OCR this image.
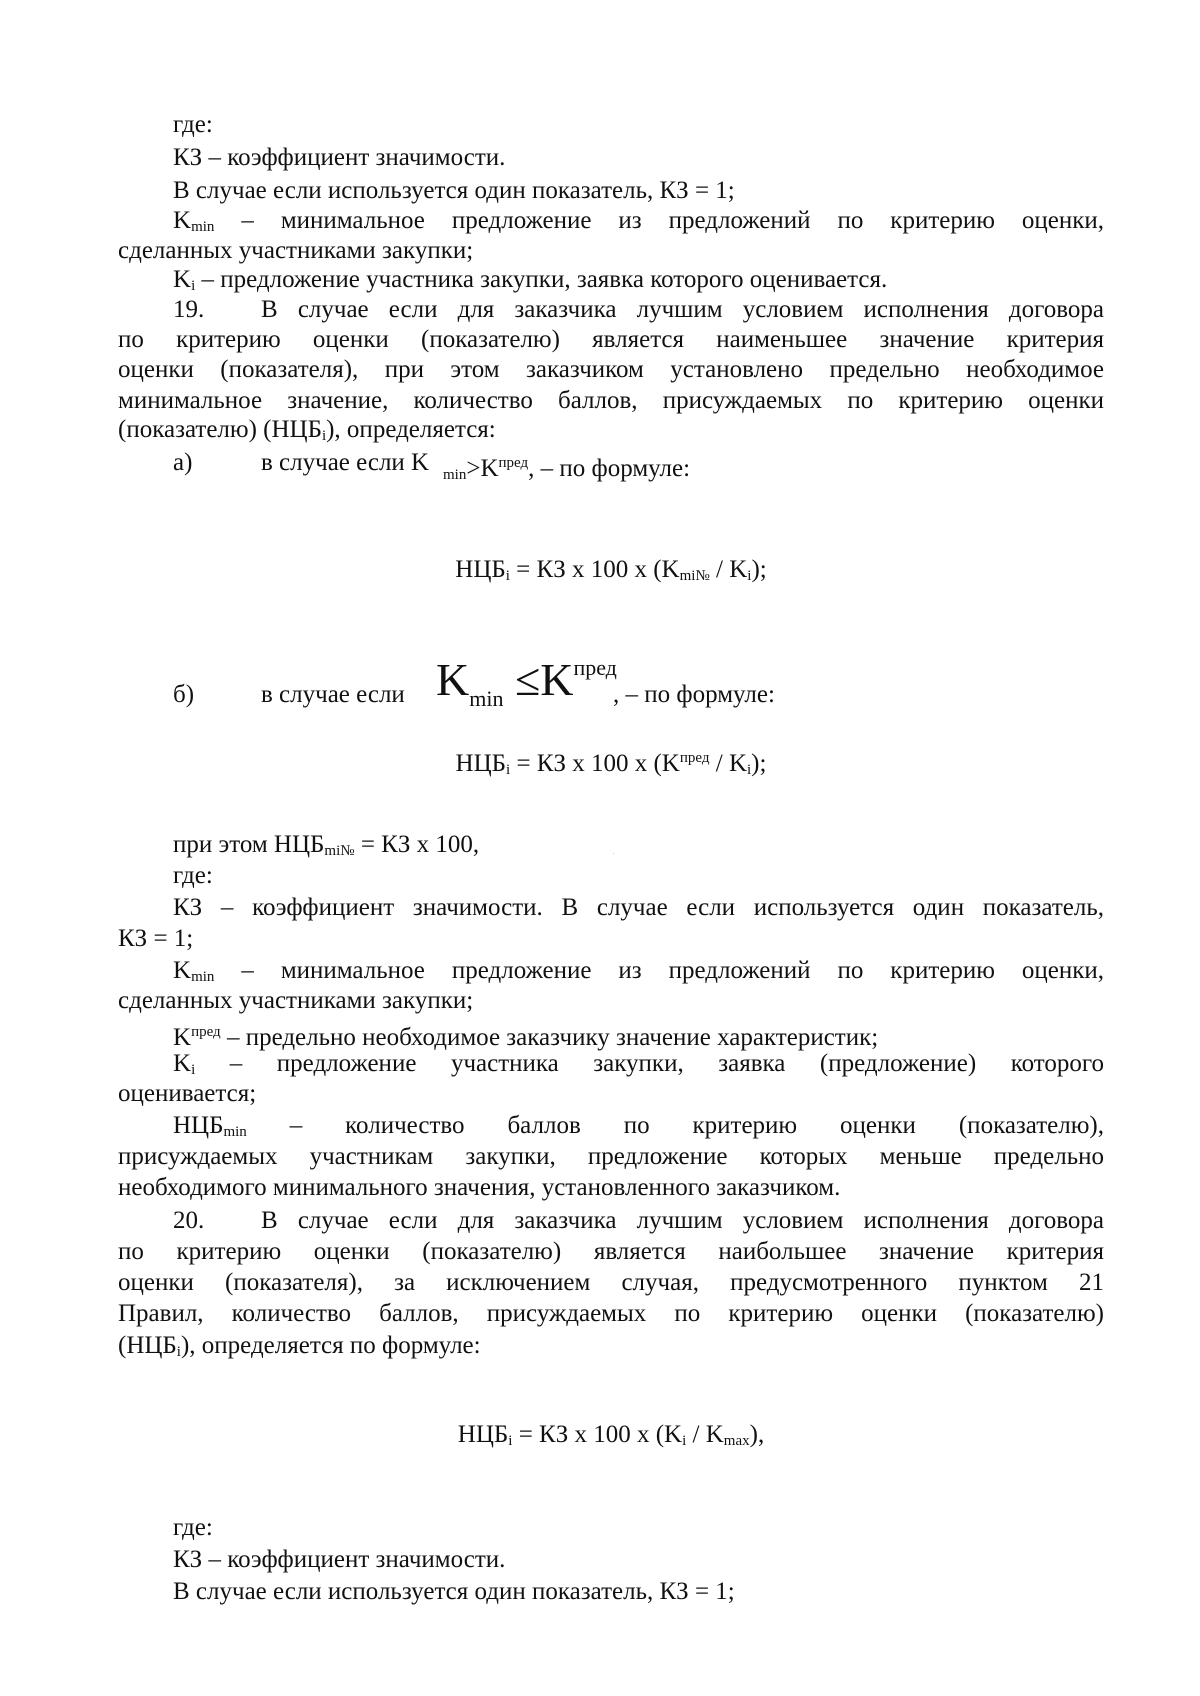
где:
КЗ – коэффициент значимости.
В случае если используется один показатель, КЗ = 1;
$K_{min}$ – минимальное предложение из предложений по критерию оценки,
сделанных участниками закупки;
$K_i$ – предложение участника закупки, заявка которого оценивается.
19. В случае если для заказчика лучшим условием исполнения договора
по критерию оценки (показателю) является наименьшее значение критерия
оценки (показателя), при этом заказчиком установлено предельно необходимое
минимальное значение, количество баллов, присуждаемых по критерию оценки
(показателю) $(НЦБ_i)$, определяется:
а)	в случае если K $_{min}>K^{пред}$, – по формуле:
$НЦБ_i$ = КЗ х 100 х $(K_{mi№} / K_i)$;
б)	в случае если	, – по формуле:
$K_{min} \le K^{пред}$
$НЦБ_i$ = КЗ х 100 х $(K^{пред} / K_i)$;
при этом $НЦБ_{mi№}$ = КЗ х 100,
где:
КЗ – коэффициент значимости. В случае если используется один показатель,
КЗ = 1;
$K_{min}$ – минимальное предложение из предложений по критерию оценки,
сделанных участниками закупки;
$K^{пред}$ – предельно необходимое заказчику значение характеристик;
$K_i$ – предложение участника закупки, заявка (предложение) которого
оценивается;
$НЦБ_{min}$ – количество баллов по критерию оценки (показателю),
присуждаемых участникам закупки, предложение которых меньше предельно
необходимого минимального значения, установленного заказчиком.
20. В случае если для заказчика лучшим условием исполнения договора
по критерию оценки (показателю) является наибольшее значение критерия
оценки (показателя), за исключением случая, предусмотренного пунктом 21
Правил, количество баллов, присуждаемых по критерию оценки (показателю)
$(НЦБ_i)$, определяется по формуле:
$НЦБ_i$ = КЗ х 100 х $(K_i / K_{max})$,
где:
КЗ – коэффициент значимости.
В случае если используется один показатель, КЗ = 1;
